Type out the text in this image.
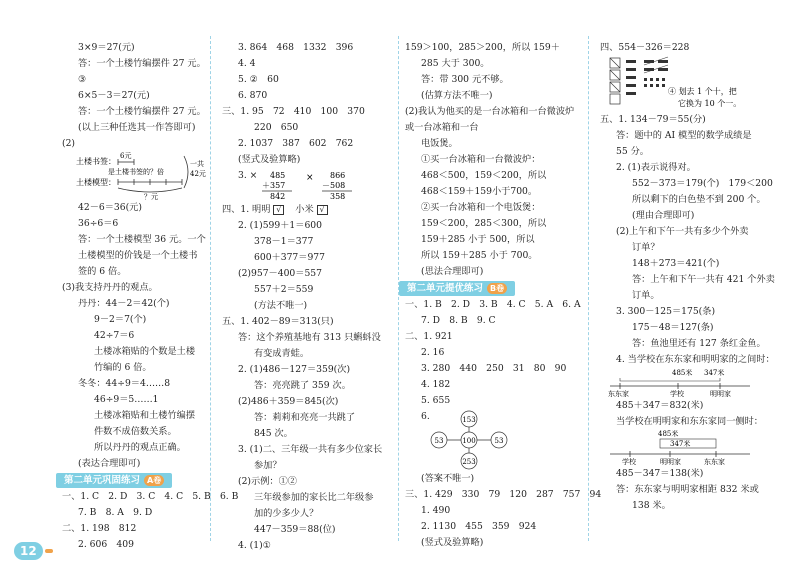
3×9＝27(元)
答：一个土楼竹编摆件 27 元。
③
6×5－3＝27(元)
答：一个土楼竹编摆件 27 元。
(以上三种任选其一作答即可)
(2)
土楼书签：
6元
是土楼书签的？倍
土楼模型：
？元
一共
42元
42－6＝36(元)
36÷6＝6
答：一个土楼模型 36 元。一个
土楼模型的价钱是一个土楼书
签的 6 倍。
(3)我支持丹丹的观点。
丹丹：44－2＝42(个)
9－2＝7(个)
42÷7＝6
土楼冰箱贴的个数是土楼
竹编的 6 倍。
冬冬：44÷9＝4……8
46÷9＝5……1
土楼冰箱贴和土楼竹编摆
件数不成倍数关系。
所以丹丹的观点正确。
(表达合理即可)
第二单元巩固练习 A卷
一、1. C　2. D　3. C　4. C　5. B　6. B
7. B　8. A　9. D
二、1. 198　812
2. 606　409
3. 864　468　1332　396
4. 4
5. ②　60
6. 870
三、1. 95　72　410　100　370
220　650
2. 1037　387　602　762
(竖式及验算略)
3. × 485
＋357
842
× 866
－508
358
四、1. 明明 √ 小米 √
2. (1)599＋1＝600
378－1＝377
600＋377＝977
(2)957－400＝557
557＋2＝559
(方法不唯一)
五、1. 402－89＝313(只)
答：这个养殖基地有 313 只蝌蚪没
有变成青蛙。
2. (1)486－127＝359(次)
答：亮亮跳了 359 次。
(2)486＋359＝845(次)
答：莉莉和亮亮一共跳了
845 次。
3. (1)二、三年级一共有多少位家长
参加？
(2)示例：①②
三年级参加的家长比二年级参
加的少多少人？
447－359＝88(位)
4. (1)①
159＞100，285＞200，所以 159＋
285 大于 300。
答：带 300 元不够。
(估算方法不唯一)
(2)我认为他买的是一台冰箱和一台微波炉或一台冰箱和一台
电饭煲。
①买一台冰箱和一台微波炉：
468＜500，159＜200，所以
468＜159＋159小于700。
②买一台冰箱和一个电饭煲：
159＜200，285＜300，所以
159＋285 小于 500，所以
所以 159＋285 小于 700。
(思法合理即可)
第二单元提优练习 B卷
一、1. B　2. D　3. B　4. C　5. A　6. A
7. D　8. B　9. C
二、1. 921
2. 16
3. 280　440　250　31　80　90
4. 182
5. 655
6.	153
53	100	53
253
(答案不唯一)
三、1. 429　330　79　120　287　757　94
1. 490
2. 1130　455　359　924
(竖式及验算略)
四、554－326＝228
④ 划去 1 个十，把
它换为 10 个一。
五、1. 134－79＝55(分)
答：题中的 AI 模型的数学成绩是
55 分。
2. (1)表示说得对。
552－373＝179(个)　179＜200
所以剩下的白色垫不到 200 个。
(理由合理即可)
(2)上午和下午一共有多少个外卖
订单？
148＋273＝421(个)
答：上午和下午一共有 421 个外卖
订单。
3. 300－125＝175(条)
175－48＝127(条)
答：鱼池里还有 127 条红金鱼。
4. 当学校在东东家和明明家的之间时：
485米 347米
东东家	学校	明明家
485＋347＝832(米)
当学校在明明家和东东家同一侧时：
485米
347米
学校	明明家	东东家
485－347＝138(米)
答：东东家与明明家相距 832 米或
138 米。
12
